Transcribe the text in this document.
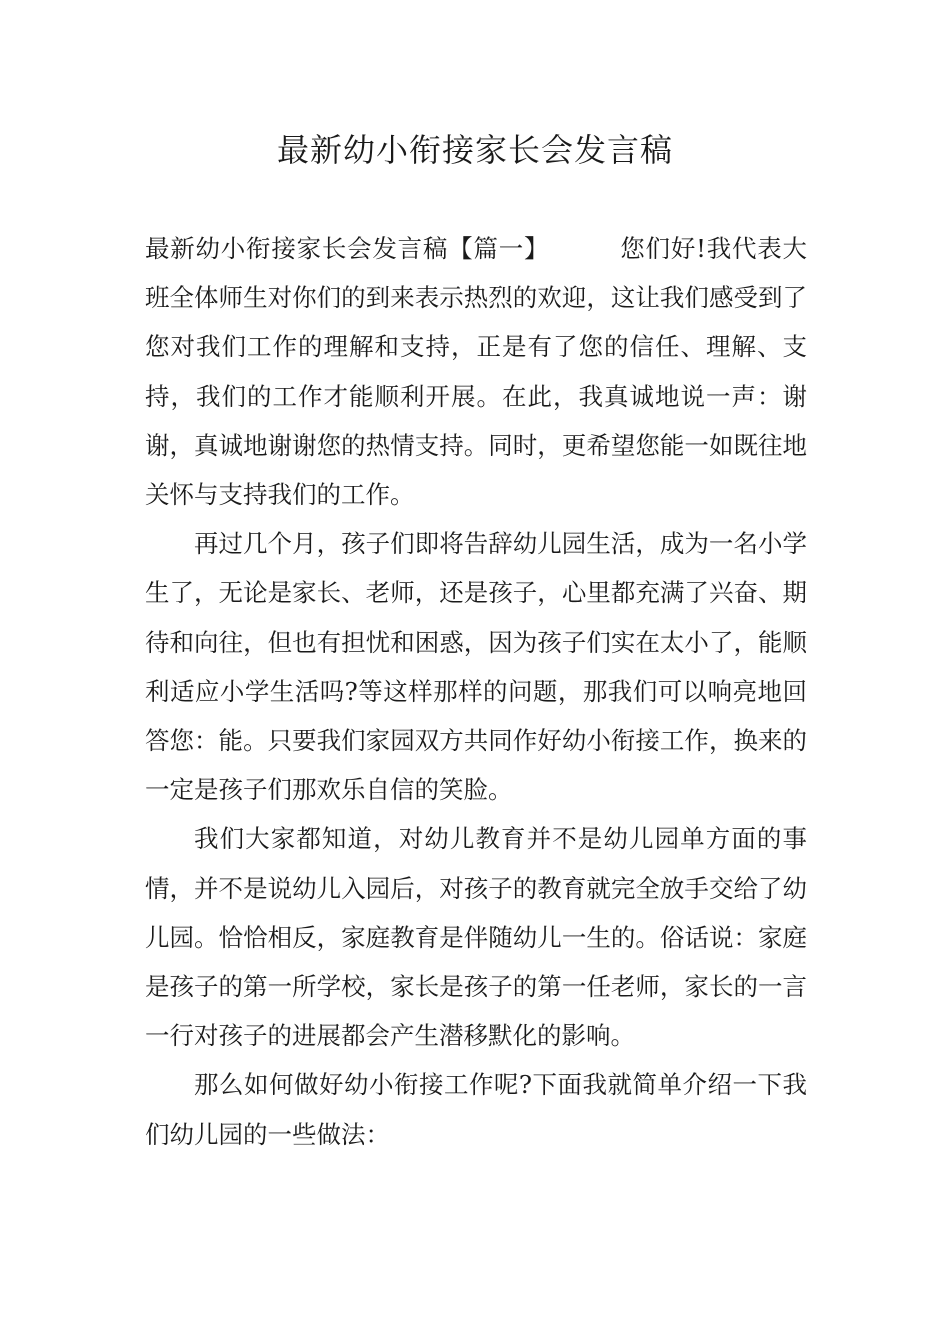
最新幼小衔接家长会发言稿

最新幼小衔接家长会发言稿【篇一】	您们好!我代表大班全体师生对你们的到来表示热烈的欢迎，这让我们感受到了您对我们工作的理解和支持，正是有了您的信任、理解、支持，我们的工作才能顺利开展。在此，我真诚地说一声：谢谢，真诚地谢谢您的热情支持。同时，更希望您能一如既往地关怀与支持我们的工作。

再过几个月，孩子们即将告辞幼儿园生活，成为一名小学生了，无论是家长、老师，还是孩子，心里都充满了兴奋、期待和向往，但也有担忧和困惑，因为孩子们实在太小了，能顺利适应小学生活吗?等这样那样的问题，那我们可以响亮地回答您：能。只要我们家园双方共同作好幼小衔接工作，换来的一定是孩子们那欢乐自信的笑脸。

我们大家都知道，对幼儿教育并不是幼儿园单方面的事情，并不是说幼儿入园后，对孩子的教育就完全放手交给了幼儿园。恰恰相反，家庭教育是伴随幼儿一生的。俗话说：家庭是孩子的第一所学校，家长是孩子的第一任老师，家长的一言一行对孩子的进展都会产生潜移默化的影响。

那么如何做好幼小衔接工作呢?下面我就简单介绍一下我们幼儿园的一些做法：
